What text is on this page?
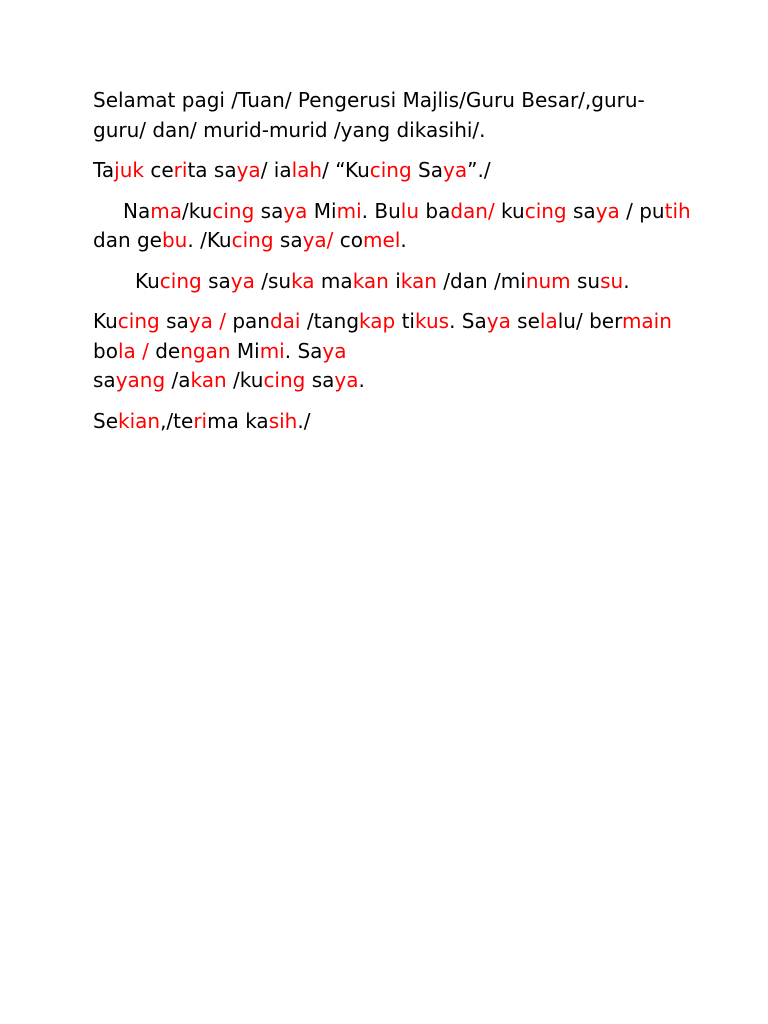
Selamat pagi /Tuan/ Pengerusi Majlis/Guru Besar/,guru-guru/ dan/ murid-murid /yang dikasihi/.

Tajuk cerita saya/ ialah/ “Kucing Saya”./

Nama/kucing saya Mimi. Bulu badan/ kucing saya / putih dan gebu. /Kucing saya/ comel.

Kucing saya /suka makan ikan /dan /minum susu.

Kucing saya / pandai /tangkap tikus. Saya selalu/ bermain bola / dengan Mimi. Saya
sayang /akan /kucing saya.

Sekian,/terima kasih./
